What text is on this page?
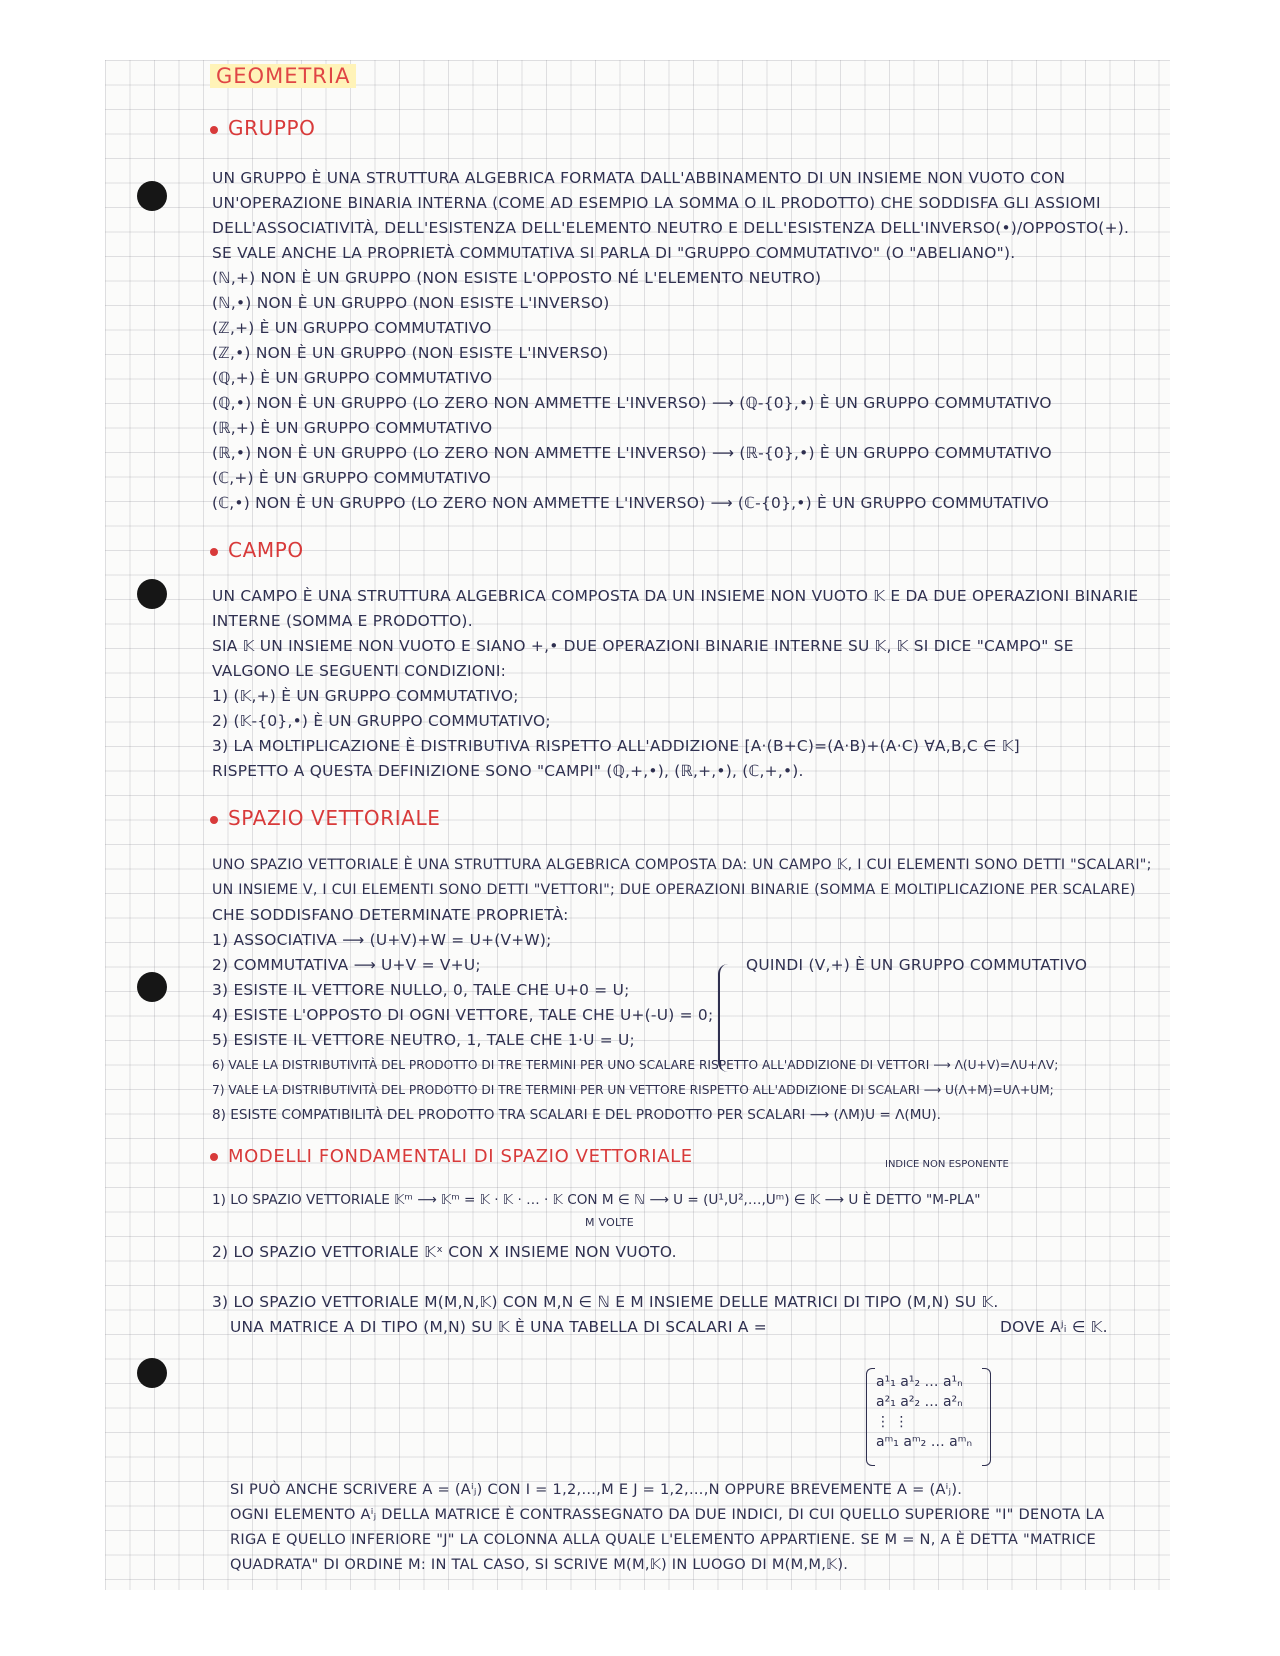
GEOMETRIA
GRUPPO
UN GRUPPO È UNA STRUTTURA ALGEBRICA FORMATA DALL'ABBINAMENTO DI UN INSIEME NON VUOTO CON
UN'OPERAZIONE BINARIA INTERNA (COME AD ESEMPIO LA SOMMA O IL PRODOTTO) CHE SODDISFA GLI ASSIOMI
DELL'ASSOCIATIVITÀ, DELL'ESISTENZA DELL'ELEMENTO NEUTRO E DELL'ESISTENZA DELL'INVERSO(•)/OPPOSTO(+).
SE VALE ANCHE LA PROPRIETÀ COMMUTATIVA SI PARLA DI "GRUPPO COMMUTATIVO" (O "ABELIANO").
(ℕ,+) NON È UN GRUPPO (NON ESISTE L'OPPOSTO NÉ L'ELEMENTO NEUTRO)
(ℕ,•) NON È UN GRUPPO (NON ESISTE L'INVERSO)
(ℤ,+) È UN GRUPPO COMMUTATIVO
(ℤ,•) NON È UN GRUPPO (NON ESISTE L'INVERSO)
(ℚ,+) È UN GRUPPO COMMUTATIVO
(ℚ,•) NON È UN GRUPPO (LO ZERO NON AMMETTE L'INVERSO) ⟶ (ℚ-{0},•) È UN GRUPPO COMMUTATIVO
(ℝ,+) È UN GRUPPO COMMUTATIVO
(ℝ,•) NON È UN GRUPPO (LO ZERO NON AMMETTE L'INVERSO) ⟶ (ℝ-{0},•) È UN GRUPPO COMMUTATIVO
(ℂ,+) È UN GRUPPO COMMUTATIVO
(ℂ,•) NON È UN GRUPPO (LO ZERO NON AMMETTE L'INVERSO) ⟶ (ℂ-{0},•) È UN GRUPPO COMMUTATIVO
CAMPO
UN CAMPO È UNA STRUTTURA ALGEBRICA COMPOSTA DA UN INSIEME NON VUOTO 𝕂 E DA DUE OPERAZIONI BINARIE
INTERNE (SOMMA E PRODOTTO).
SIA 𝕂 UN INSIEME NON VUOTO E SIANO +,• DUE OPERAZIONI BINARIE INTERNE SU 𝕂, 𝕂 SI DICE "CAMPO" SE
VALGONO LE SEGUENTI CONDIZIONI:
1) (𝕂,+) È UN GRUPPO COMMUTATIVO;
2) (𝕂-{0},•) È UN GRUPPO COMMUTATIVO;
3) LA MOLTIPLICAZIONE È DISTRIBUTIVA RISPETTO ALL'ADDIZIONE [A·(B+C)=(A·B)+(A·C) ∀A,B,C ∈ 𝕂]
RISPETTO A QUESTA DEFINIZIONE SONO "CAMPI" (ℚ,+,•), (ℝ,+,•), (ℂ,+,•).
SPAZIO VETTORIALE
UNO SPAZIO VETTORIALE È UNA STRUTTURA ALGEBRICA COMPOSTA DA: UN CAMPO 𝕂, I CUI ELEMENTI SONO DETTI "SCALARI";
UN INSIEME V, I CUI ELEMENTI SONO DETTI "VETTORI"; DUE OPERAZIONI BINARIE (SOMMA E MOLTIPLICAZIONE PER SCALARE)
CHE SODDISFANO DETERMINATE PROPRIETÀ:
1) ASSOCIATIVA ⟶ (U+V)+W = U+(V+W);
2) COMMUTATIVA ⟶ U+V = V+U;
3) ESISTE IL VETTORE NULLO, 0, TALE CHE U+0 = U;
4) ESISTE L'OPPOSTO DI OGNI VETTORE, TALE CHE U+(-U) = 0;
5) ESISTE IL VETTORE NEUTRO, 1, TALE CHE 1·U = U;
6) VALE LA DISTRIBUTIVITÀ DEL PRODOTTO DI TRE TERMINI PER UNO SCALARE RISPETTO ALL'ADDIZIONE DI VETTORI ⟶ Λ(U+V)=ΛU+ΛV;
7) VALE LA DISTRIBUTIVITÀ DEL PRODOTTO DI TRE TERMINI PER UN VETTORE RISPETTO ALL'ADDIZIONE DI SCALARI ⟶ U(Λ+Μ)=UΛ+UΜ;
8) ESISTE COMPATIBILITÀ DEL PRODOTTO TRA SCALARI E DEL PRODOTTO PER SCALARI ⟶ (ΛΜ)U = Λ(ΜU).
QUINDI (V,+) È UN GRUPPO COMMUTATIVO
MODELLI FONDAMENTALI DI SPAZIO VETTORIALE	INDICE NON ESPONENTE
1) LO SPAZIO VETTORIALE 𝕂ᵐ ⟶ 𝕂ᵐ = 𝕂 · 𝕂 · … · 𝕂 CON M ∈ ℕ ⟶ U = (U¹,U²,…,Uᵐ) ∈ 𝕂 ⟶ U È DETTO "M-PLA"
M VOLTE
2) LO SPAZIO VETTORIALE 𝕂ˣ CON X INSIEME NON VUOTO.
3) LO SPAZIO VETTORIALE M(M,N,𝕂) CON M,N ∈ ℕ E M INSIEME DELLE MATRICI DI TIPO (M,N) SU 𝕂.
UNA MATRICE A DI TIPO (M,N) SU 𝕂 È UNA TABELLA DI SCALARI A =	DOVE Aʲᵢ ∈ 𝕂.
a¹₁ a¹₂ … a¹ₙ
a²₁ a²₂ … a²ₙ
⋮ ⋮
aᵐ₁ aᵐ₂ … aᵐₙ
SI PUÒ ANCHE SCRIVERE A = (Aⁱⱼ) CON I = 1,2,…,M E J = 1,2,…,N OPPURE BREVEMENTE A = (Aⁱⱼ).
OGNI ELEMENTO Aⁱⱼ DELLA MATRICE È CONTRASSEGNATO DA DUE INDICI, DI CUI QUELLO SUPERIORE "I" DENOTA LA
RIGA E QUELLO INFERIORE "J" LA COLONNA ALLA QUALE L'ELEMENTO APPARTIENE. SE M = N, A È DETTA "MATRICE
QUADRATA" DI ORDINE M: IN TAL CASO, SI SCRIVE M(M,𝕂) IN LUOGO DI M(M,M,𝕂).
